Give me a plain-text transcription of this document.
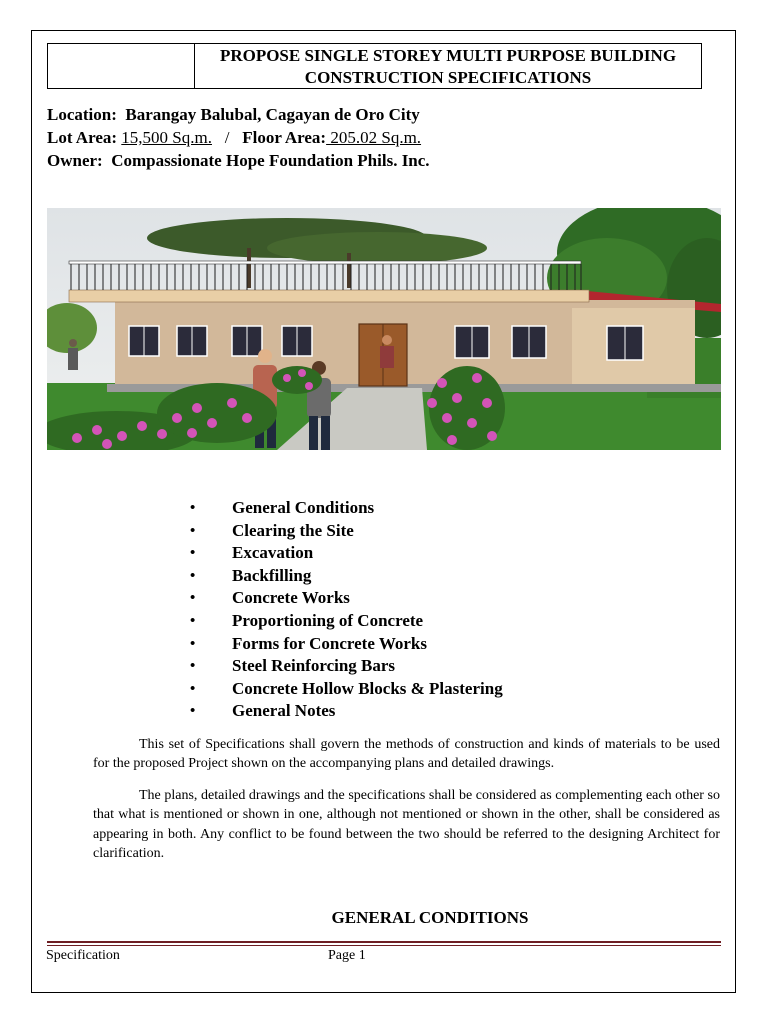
PROPOSE SINGLE STOREY MULTI PURPOSE BUILDING
CONSTRUCTION SPECIFICATIONS
Location: Barangay Balubal, Cagayan de Oro City
Lot Area: 15,500 Sq.m. / Floor Area: 205.02 Sq.m.
Owner: Compassionate Hope Foundation Phils. Inc.
• General Conditions
• Clearing the Site
• Excavation
• Backfilling
• Concrete Works
• Proportioning of Concrete
• Forms for Concrete Works
• Steel Reinforcing Bars
• Concrete Hollow Blocks & Plastering
• General Notes
This set of Specifications shall govern the methods of construction and kinds of materials to be used for the proposed Project shown on the accompanying plans and detailed drawings.
The plans, detailed drawings and the specifications shall be considered as complementing each other so that what is mentioned or shown in one, although not mentioned or shown in the other, shall be considered as appearing in both. Any conflict to be found between the two should be referred to the designing Architect for clarification.
GENERAL CONDITIONS
Specification	Page 1
